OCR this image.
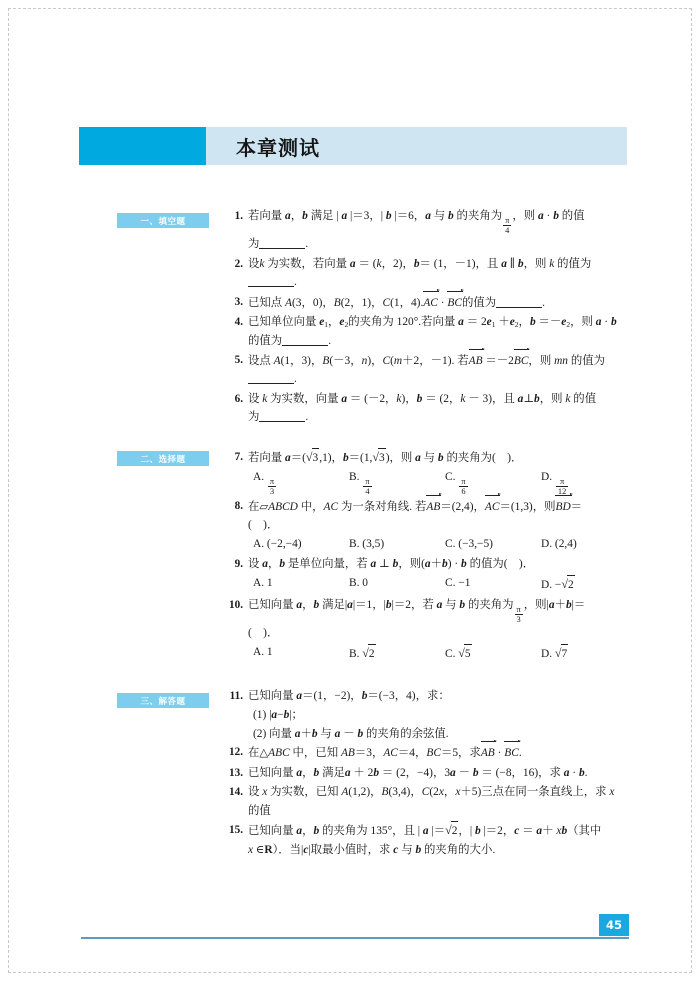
本章测试
一、填空题
二、选择题
三、解答题
1. 若向量 a，b 满足 | a |＝3，| b |＝6，a 与 b 的夹角为
$\frac{\pi}{4}$
，则 a · b 的值
为	.
2. 设k 为实数，若向量 a ＝ (k，2)，b＝ (1，－1)，且 a ∥ b，则 k 的值为
.
3. 已知点 A(3，0)，B(2，1)，C(1，4).AC · BC的值为	.
4. 已知单位向量 $e_1$，$e_2$的夹角为 120°.若向量 $a = 2e_1 +e_2$，$b =-e_2$，则 a · b
的值为	.
5. 设点 A(1，3)，B(－3，n)，C(m＋2，－1). 若AB ＝－2BC，则 mn 的值为
.
6. 设 k 为实数，向量 a ＝ (－2，k)，b ＝ (2，k － 3)，且 a⊥b，则 k 的值
为	.
7. 若向量 a＝(√3,1)，b＝(1,√3)，则 a 与 b 的夹角为(    )．
A.
$\frac{\pi}{3}$
B.
$\frac{\pi}{4}$
C.
$\frac{\pi}{6}$
D.
$\frac{\pi}{12}$
8. 在▱ABCD 中，AC 为一条对角线. 若AB＝(2,4)，AC＝(1,3)，则BD＝
(    )．
A. (−2,−4)	B. (3,5)	C. (−3,−5)	D. (2,4)
9. 设 a，b 是单位向量，若 a ⊥ b，则(a＋b) · b 的值为(    )．
A. 1	B. 0	C. −1	D. −√2
10. 已知向量 a，b 满足|a|＝1，|b|＝2，若 a 与 b 的夹角为
$\frac{\pi}{3}$
，则|a＋b|＝
(    )．
A. 1	B. √2	C. √5	D. √7
11. 已知向量 a＝(1，−2)，b＝(−3，4)，求：
(1) |a−b|；
(2) 向量 a＋b 与 a － b 的夹角的余弦值.
12. 在△ABC 中，已知 AB＝3，AC＝4，BC＝5，求AB · BC.
13. 已知向量 a，b 满足a ＋ 2b ＝ (2，−4)，3a － b ＝ (−8，16)，求 a · b.
14. 设 x 为实数，已知 A(1,2)，B(3,4)，C(2x，x＋5)三点在同一条直线上，求 x
的值
15. 已知向量 a，b 的夹角为 135°，且 | a |＝√2，| b |＝2，c ＝ a＋ xb（其中
x ∈R）．当|c|取最小值时，求 c 与 b 的夹角的大小.
45
